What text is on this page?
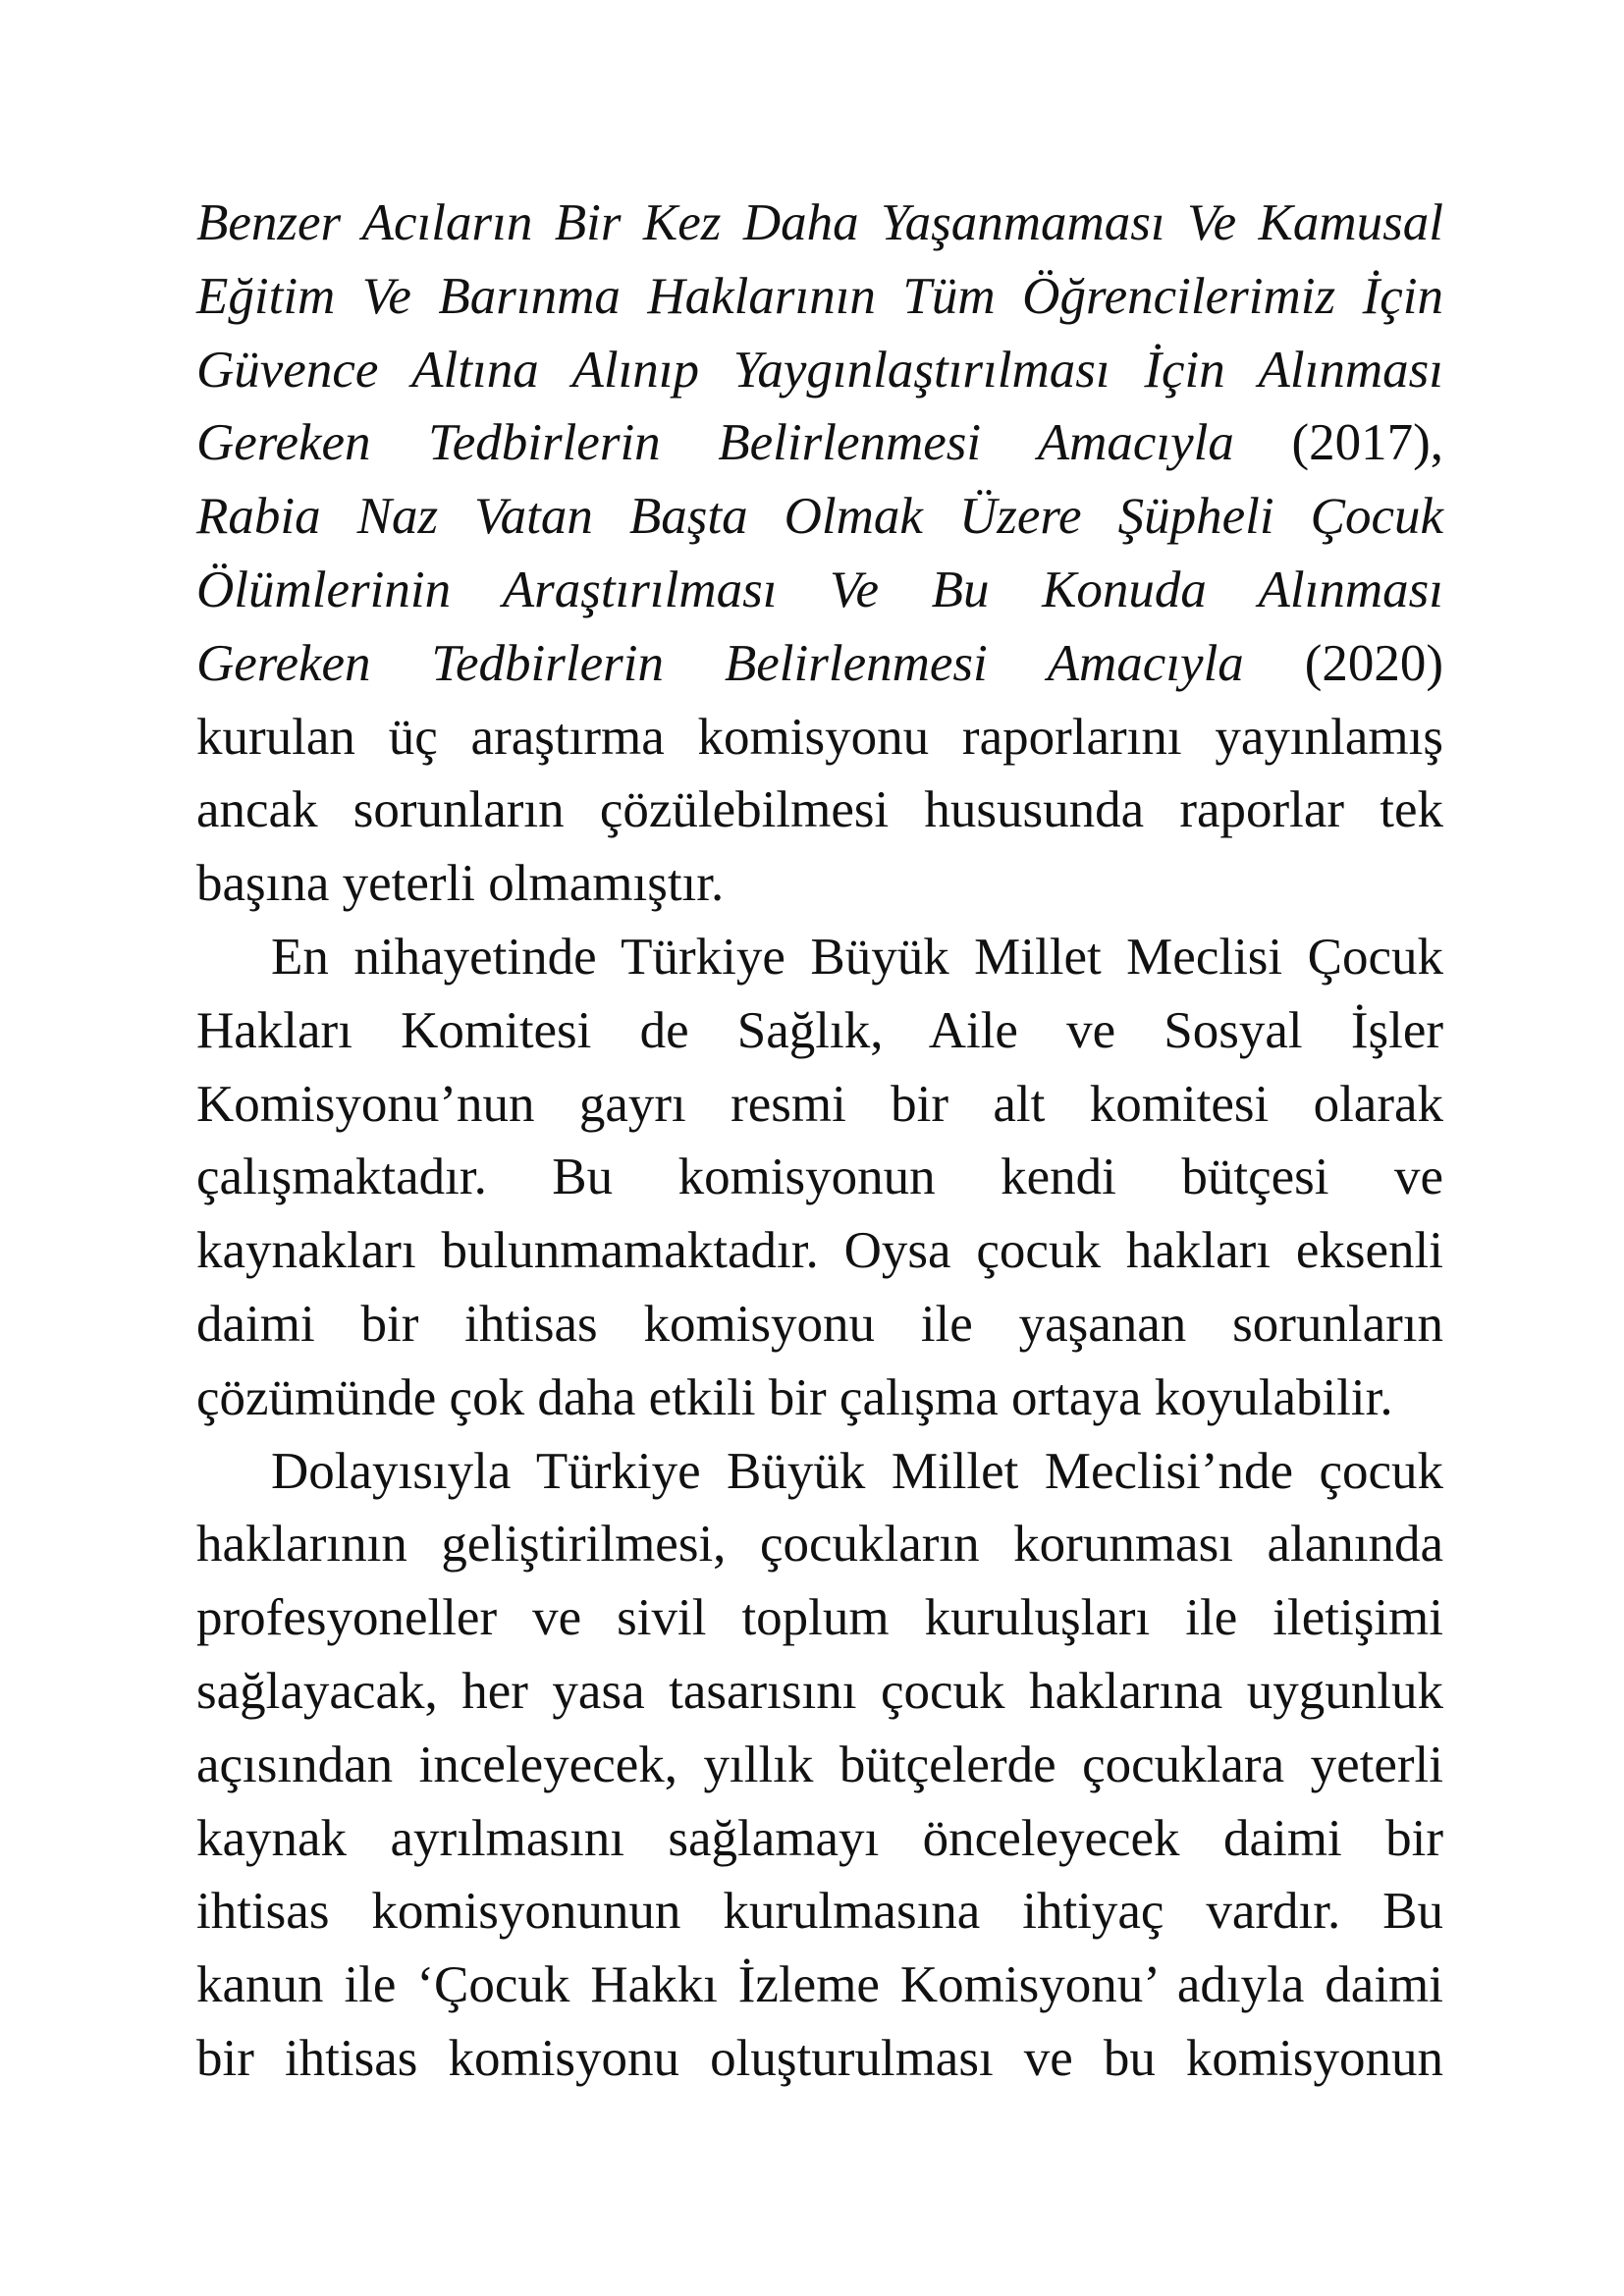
Benzer Acıların Bir Kez Daha Yaşanmaması Ve Kamusal
Eğitim Ve Barınma Haklarının Tüm Öğrencilerimiz İçin
Güvence Altına Alınıp Yaygınlaştırılması İçin Alınması
Gereken Tedbirlerin Belirlenmesi Amacıyla (2017),
Rabia Naz Vatan Başta Olmak Üzere Şüpheli Çocuk
Ölümlerinin Araştırılması Ve Bu Konuda Alınması
Gereken Tedbirlerin Belirlenmesi Amacıyla (2020)
kurulan üç araştırma komisyonu raporlarını yayınlamış
ancak sorunların çözülebilmesi hususunda raporlar tek
başına yeterli olmamıştır.
En nihayetinde Türkiye Büyük Millet Meclisi Çocuk
Hakları Komitesi de Sağlık, Aile ve Sosyal İşler
Komisyonu’nun gayrı resmi bir alt komitesi olarak
çalışmaktadır. Bu komisyonun kendi bütçesi ve
kaynakları bulunmamaktadır. Oysa çocuk hakları eksenli
daimi bir ihtisas komisyonu ile yaşanan sorunların
çözümünde çok daha etkili bir çalışma ortaya koyulabilir.
Dolayısıyla Türkiye Büyük Millet Meclisi’nde çocuk
haklarının geliştirilmesi, çocukların korunması alanında
profesyoneller ve sivil toplum kuruluşları ile iletişimi
sağlayacak, her yasa tasarısını çocuk haklarına uygunluk
açısından inceleyecek, yıllık bütçelerde çocuklara yeterli
kaynak ayrılmasını sağlamayı önceleyecek daimi bir
ihtisas komisyonunun kurulmasına ihtiyaç vardır. Bu
kanun ile ‘Çocuk Hakkı İzleme Komisyonu’ adıyla daimi
bir ihtisas komisyonu oluşturulması ve bu komisyonun
